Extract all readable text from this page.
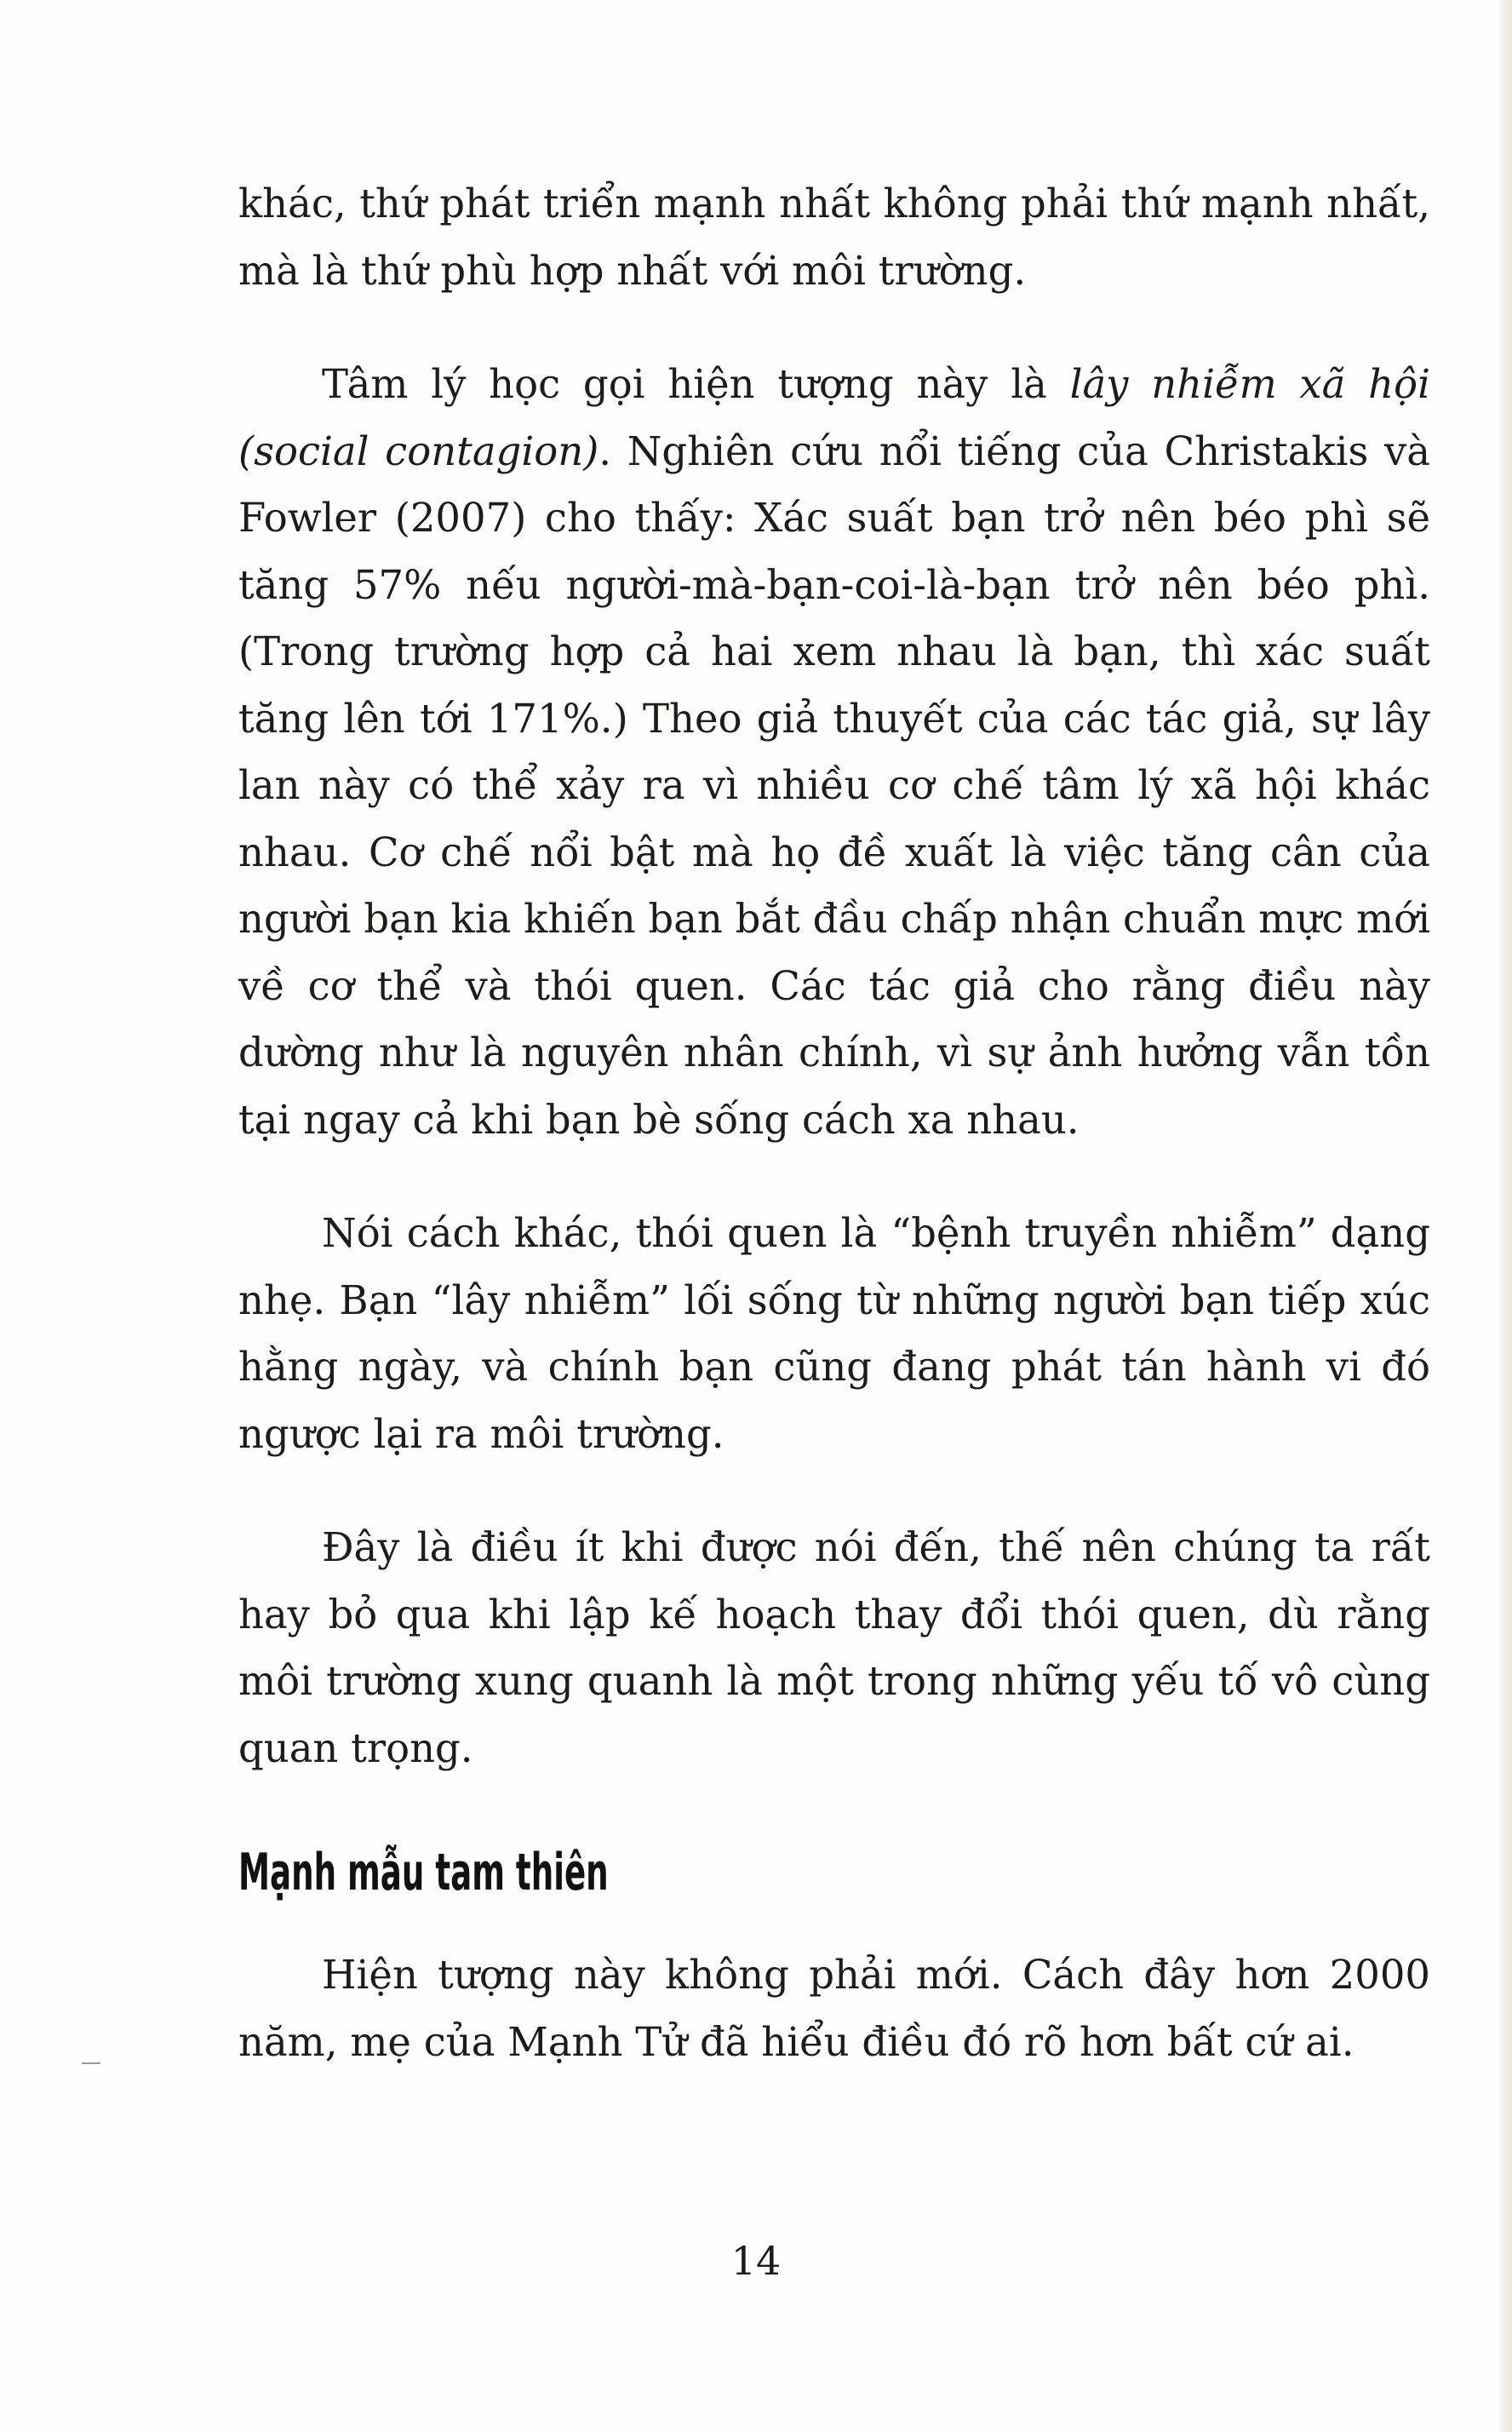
khác, thứ phát triển mạnh nhất không phải thứ mạnh nhất, mà là thứ phù hợp nhất với môi trường.

Tâm lý học gọi hiện tượng này là lây nhiễm xã hội (social contagion). Nghiên cứu nổi tiếng của Christakis và Fowler (2007) cho thấy: Xác suất bạn trở nên béo phì sẽ tăng 57% nếu người-mà-bạn-coi-là-bạn trở nên béo phì. (Trong trường hợp cả hai xem nhau là bạn, thì xác suất tăng lên tới 171%.) Theo giả thuyết của các tác giả, sự lây lan này có thể xảy ra vì nhiều cơ chế tâm lý xã hội khác nhau. Cơ chế nổi bật mà họ đề xuất là việc tăng cân của người bạn kia khiến bạn bắt đầu chấp nhận chuẩn mực mới về cơ thể và thói quen. Các tác giả cho rằng điều này dường như là nguyên nhân chính, vì sự ảnh hưởng vẫn tồn tại ngay cả khi bạn bè sống cách xa nhau.

Nói cách khác, thói quen là “bệnh truyền nhiễm” dạng nhẹ. Bạn “lây nhiễm” lối sống từ những người bạn tiếp xúc hằng ngày, và chính bạn cũng đang phát tán hành vi đó ngược lại ra môi trường.

Đây là điều ít khi được nói đến, thế nên chúng ta rất hay bỏ qua khi lập kế hoạch thay đổi thói quen, dù rằng môi trường xung quanh là một trong những yếu tố vô cùng quan trọng.

Mạnh mẫu tam thiên

Hiện tượng này không phải mới. Cách đây hơn 2000 năm, mẹ của Mạnh Tử đã hiểu điều đó rõ hơn bất cứ ai.

14
